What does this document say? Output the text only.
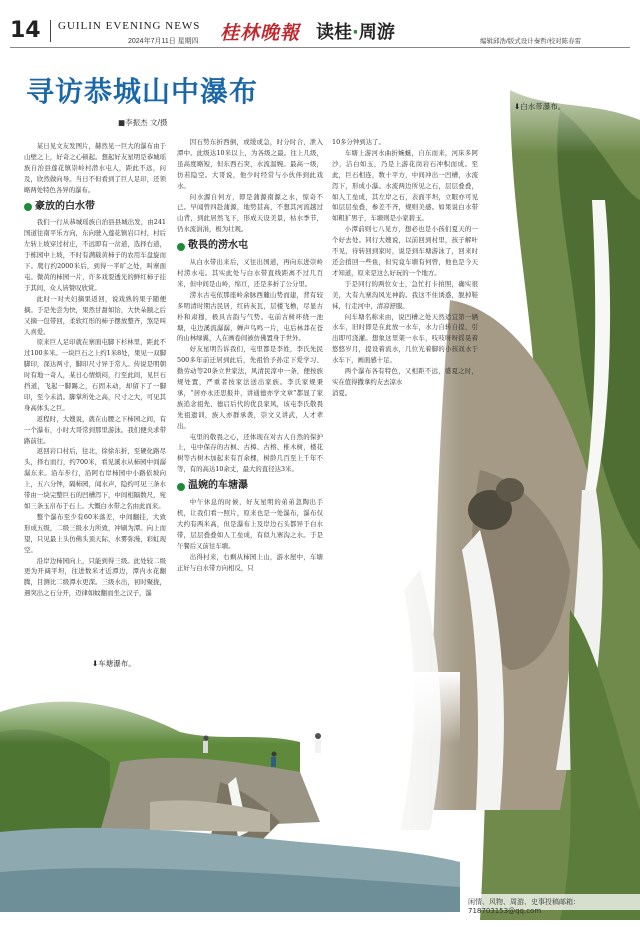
14 GUILIN EVENING NEWS
2024年7月11日 星期四 桂林晚報 读桂·周游	编辑邱浩/版式设计秦哲/校对陈春雷
寻访恭城山中瀑布
■李振杰 文/摄
⬇白水带瀑布。
⬇车塘瀑布。

某日见文友发图片，赫然见一巨大的瀑布由于山壁之上，好奇之心顿起。想起好友星明是恭城瑶族自治县莲花镇崇岭村潜水屯人，距此不远，问及，欣然做向导。当日不但看到了巨人足印，还领略两处特色各异的瀑布。

豪放的白水带

我们一行从恭城瑶族自治县县城出发，由241国道往南平乐方向，东向驶入莲花镇岩口村，村后左转上坡穿过村庄，不远即有一岔道，选择右道，于栋园中上坡，不时有满载黄柿子的农用车盘旋而下。爬行约2000米后，到得一平旷之处，叫寨面屯。微黄的柿园一片，许多戏耍透光的鲜红柿子挂于其间，众人皆赞叹欣赏。

此时一对夫妇摘果返回，说戏熟的果子随便摘。于是先尝为快，果然甘甜如饴，大快朵颐之后又摘一包带回，柔软红彤的柿子摆放整齐，煞是叫人喜爱。

原来巨人足印就在寨面屯脚下杉林里，距此不过100多米。一块巨石之上约1米8处，果见一双脚脚印，深达两寸，脚印尺寸异于常人。传说是明朝时有地一奇人，某日心情烦闷，行至此间，见巨石挡道，飞起一脚踢之，石固未动，却留下了一脚印，至今未消。脚掌所处之高，尺寸之大，可见其身高体头之巨。

返程时，大嫂说，就在山腰之下柿园之间，有一个瀑布，小时大哥常到那里游泳。我们便央求带路前往。

返回岩口村后，往北，徐徐东折，至硬化路尽头，择右而行，约700米，看见溪水从柿园中间潺潺东来。沿车步行，沿阿右岸柿园中小路依坡向上，五六分钟，隔柿园，闻水声，隐约可见三条水带由一块完整巨石的凹槽泻下，中间相隔数尺，宛如三条玉帛布于石上。大慨白水带之名由此而来。

整个瀑布至少有60米落差，中间翻挂，大致形成五级，二级三级水力所致，冲刷为潭。向上而望，只见最上头仿佛头顶天际，水雾弥漫，彩虹现空。

沿岸边柿园向上，只能到得三级。此处较二级更为开阔平坦，往进数米才近潭边，潭内水花翻腾，目测比二级潭水更深。三级水出，初时聚拢，遇突出之石分开，迈律如蚊翻而坐之汉子，瀑

因石势东折西倒，或缓或急，时分时合，泄入潭中。此级达10米以上，为各级之最。往上几级，虽高度略短，但东西石突，水流温婉。最高一级，仿若隐空。大哥说，他少时经常与小伙伴到此戏水。

问水源自何方，即是蒲源南源之水，惊奇不已。早闻曾四赴蒲源，地势甚高，不想其河流越过山背，到此居然飞下，形成天设美景，枯水季节，仍水流涓涓，极为壮观。

敬畏的涝水屯

从白水带出来后，又往出国道，再向东进崇岭村涝水屯。其实此处与白水带直线距离不过几百米，但中间是山岭，绵亘，还是多折了公分里。

涝水古屯依那座岭余脉西麓山势而建，背有较多明清时期古民居，红砖灰瓦，层楼飞檐，尽显古朴和肃穆，极具古韵与气势。屯前古树环绕一池塘，屯边溪流潺潺，蝉声鸟鸣一片，屯后林莽在苍的山林绿翼，人在画卷间被仿佛置身于世外。

好友星明告诉我们，屯里都是李姓，李氏先民500多年前迁居到此后，先祖恰予孙定下爱学习、勤劳动等20条立世家法，风清民淳中一条，便按族规处置，严重者按家法送出家族。李氏家规秉承，“居亦永还思报井，讲通德亦学文章”都显了家族追念祖先、德启后代的优良家风，该屯李氏敬畏先祖遗训，族人亦群承袭，崇文义讲武，人才辈出。

屯里的敬畏之心，还体现在对古人自然的保护上，屯中保存的古枫、古樟、古榕、椎木树，楂花树等古树木加起来有百余棵，树龄几百至上千年不等，有的高达10余丈，最大的直径达3米。

温婉的车塘瀑

中午休息的时候，好友星明的弟弟忽陶出手机，让我们看一照片，原来也是一处瀑布，瀑布仅大约有两米高，但是瀑布上及岸边石头都异于白水带，层层叠叠如人工垒成，有似九寨沟之水。于是午餐后又前往车塘。

出得村来，右剩从柿园上山，游水屋中，车塘正好与白水带方向相反，只

10多分钟到达了。

车塘上游河水曲折蜿蜒，自东而来，河床多阿沙，洁白如玉，乃是上游花岗岩石冲积而成。至此，巨石相连，数十平方，中间冲出一凹槽，水流泻下，形成小瀑。水流两边所见之石，层层叠叠，如人工垒成，其左岸之石，表面平坦，立眼亦可见如层层垒叠，参差不齐，规则美感。如果说白水带如粗犷男子，车塘则是小家碧玉。

小潭前则七八见方，想必也是小孩们夏天的一个好去处。同行大嫂说，以前回到村里，孩子解叶不见，待转回到家时，说是到车塘游泳了，回来时还会捎回一些鱼，但究竟车塘有何曾，他也是今天才知道，原来是这么好玩的一个地方。

于是同行的两位女士，急忙打卡拍照，确实很美，大有九寨沟风光神韵。我这不住诱惑，脱掉鞋袜，行走河中，清凉舒服。

问车塘名称来由，说凹槽之处天然适宜第一辆水车，旧时即是在此放一水车，水力自转自提，引出即可浇灌。想象这里架一水车，吱吱呀呀摇晃着悠悠岁月，提设着流水，几位光着脚的小孩戏水于水车下，画面感十足。

两个瀑布各有特色，又相距不远，盛夏之时，实在值得撒拿约友去凉水

消夏。

闲情、风物、周游、史事投稿邮箱：718703153@qq.com
